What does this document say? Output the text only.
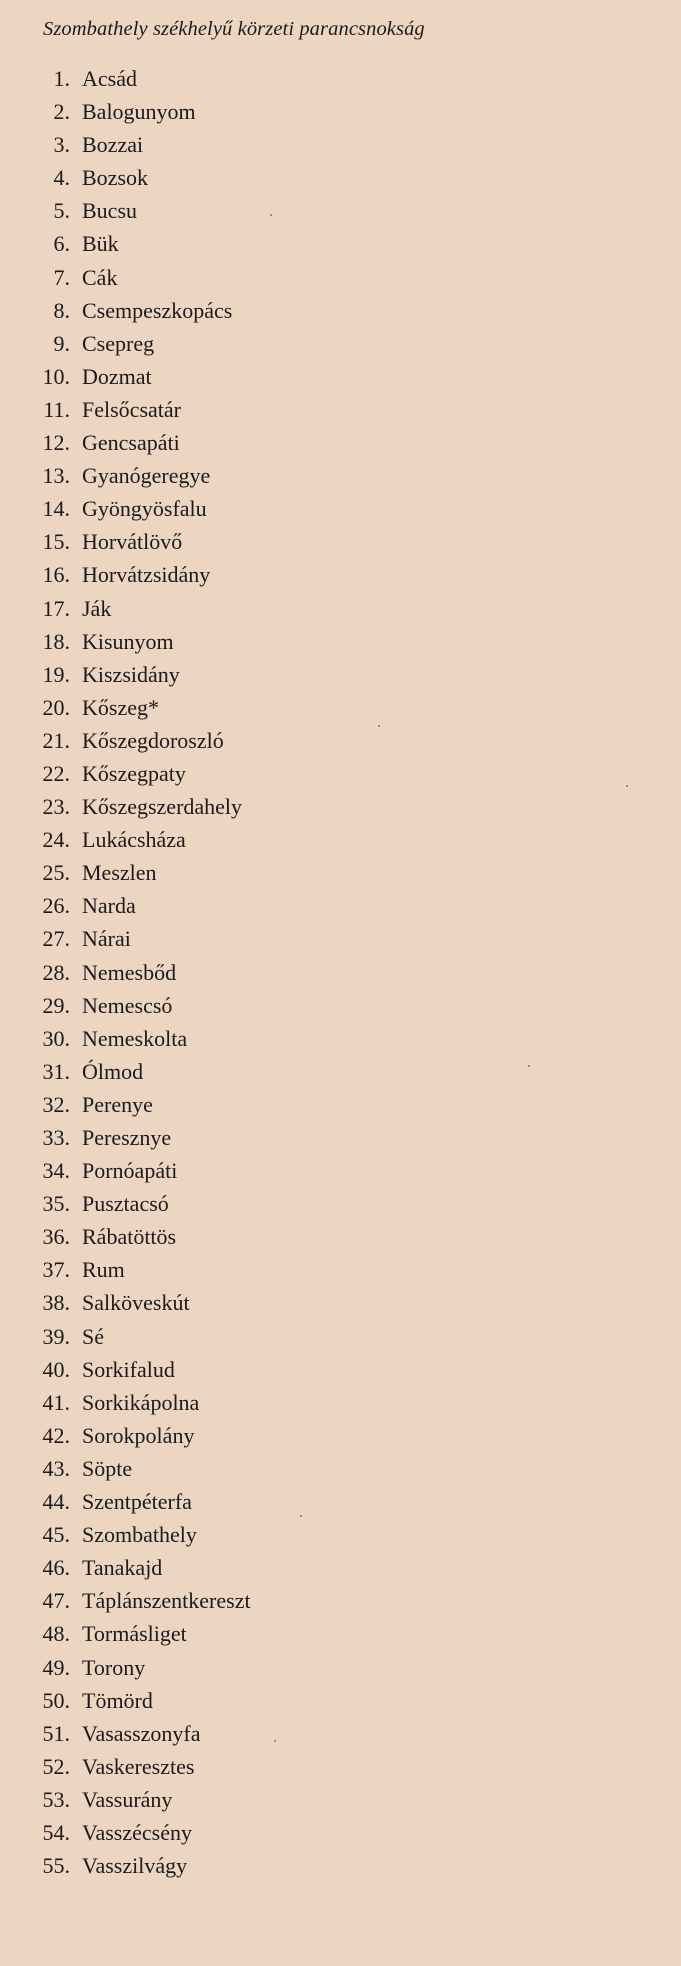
Szombathely székhelyű körzeti parancsnokság
1. Acsád
2. Balogunyom
3. Bozzai
4. Bozsok
5. Bucsu
6. Bük
7. Cák
8. Csempeszkopács
9. Csepreg
10. Dozmat
11. Felsőcsatár
12. Gencsapáti
13. Gyanógeregye
14. Gyöngyösfalu
15. Horvátlövő
16. Horvátzsidány
17. Ják
18. Kisunyom
19. Kiszsidány
20. Kőszeg*
21. Kőszegdoroszló
22. Kőszegpaty
23. Kőszegszerdahely
24. Lukácsháza
25. Meszlen
26. Narda
27. Nárai
28. Nemesbőd
29. Nemescsó
30. Nemeskolta
31. Ólmod
32. Perenye
33. Peresznye
34. Pornóapáti
35. Pusztacsó
36. Rábatöttös
37. Rum
38. Salköveskút
39. Sé
40. Sorkifalud
41. Sorkikápolna
42. Sorokpolány
43. Söpte
44. Szentpéterfa
45. Szombathely
46. Tanakajd
47. Táplánszentkereszt
48. Tormásliget
49. Torony
50. Tömörd
51. Vasasszonyfa
52. Vaskeresztes
53. Vassurány
54. Vasszécsény
55. Vasszilvágy
